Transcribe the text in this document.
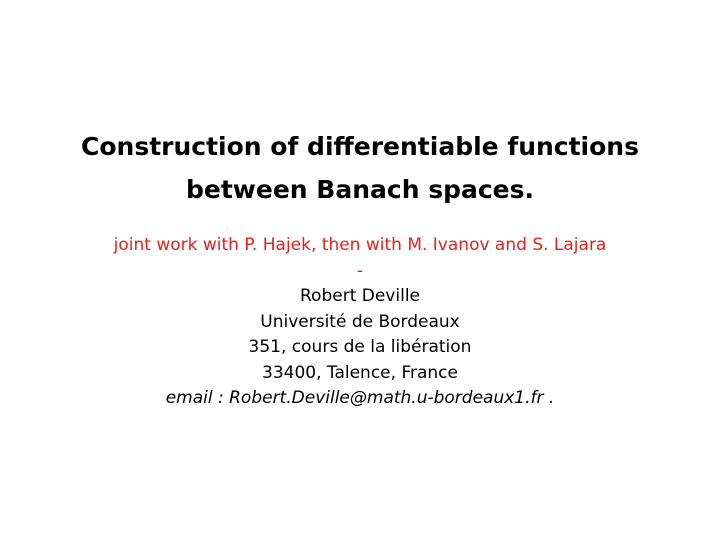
Construction of differentiable functions
between Banach spaces.
joint work with P. Hajek, then with M. Ivanov and S. Lajara
-
Robert Deville
Université de Bordeaux
351, cours de la libération
33400, Talence, France
email : Robert.Deville@math.u-bordeaux1.fr .
